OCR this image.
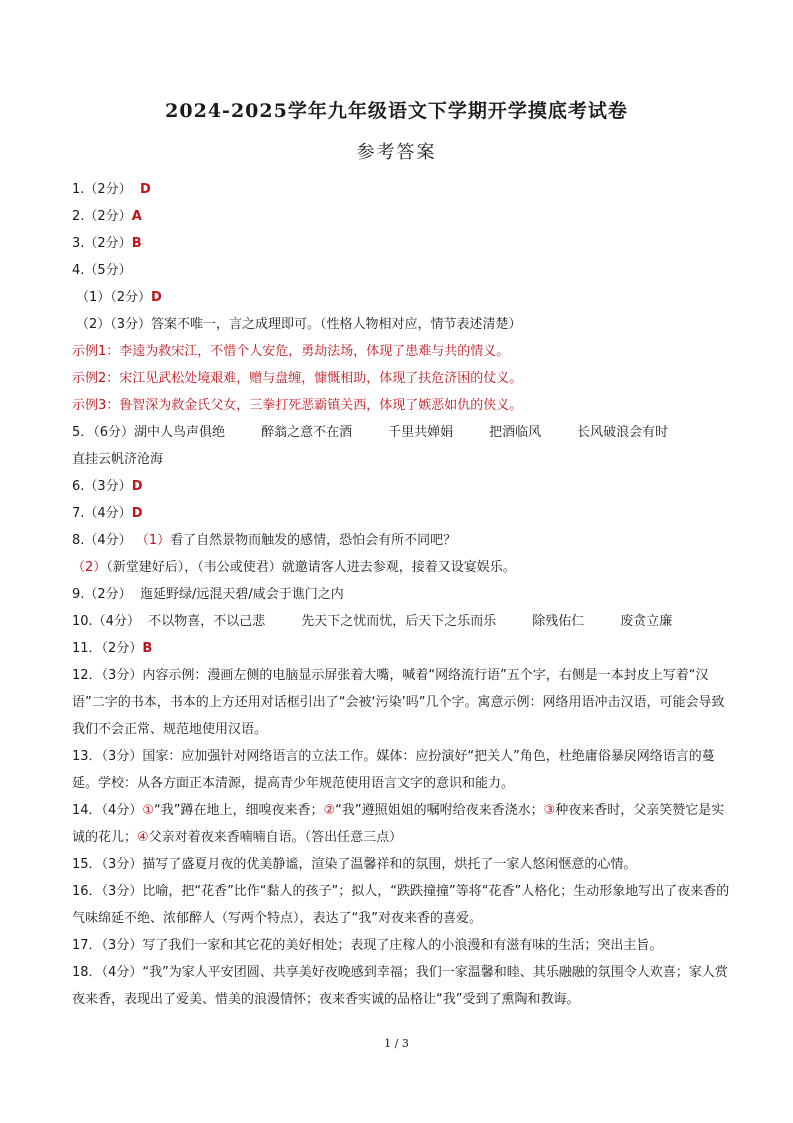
2024-2025学年九年级语文下学期开学摸底考试卷
参考答案
1.（2分） D
2.（2分）A
3.（2分）B
4.（5分）
（1）（2分）D
（2）（3分）答案不唯一，言之成理即可。（性格人物相对应，情节表述清楚）
示例1：李逵为救宋江，不惜个人安危，勇劫法场，体现了患难与共的情义。
示例2：宋江见武松处境艰难，赠与盘缠，慷慨相助，体现了扶危济困的仗义。
示例3：鲁智深为救金氏父女，三拳打死恶霸镇关西，体现了嫉恶如仇的侠义。
5．（6分）湖中人鸟声俱绝	醉翁之意不在酒	千里共婵娟	把酒临风	长风破浪会有时
直挂云帆济沧海
6.（3分）D
7.（4分）D
8.（4分） （1）看了自然景物而触发的感情，恐怕会有所不同吧？
（2）（新堂建好后），（韦公或使君）就邀请客人进去参观，接着又设宴娱乐。
9.（2分） 迤延野绿/远混天碧/咸会于谯门之内
10.（4分） 不以物喜，不以己悲	先天下之忧而忧，后天下之乐而乐	除残佑仁	废贪立廉
11．（2分）B
12．（3分）内容示例：漫画左侧的电脑显示屏张着大嘴，喊着“网络流行语”五个字，右侧是一本封皮上写着“汉语”二字的书本，书本的上方还用对话框引出了“会被‘污染’吗”几个字。寓意示例：网络用语冲击汉语，可能会导致我们不会正常、规范地使用汉语。
13．（3分）国家：应加强针对网络语言的立法工作。媒体：应扮演好“把关人”角色，杜绝庸俗暴戾网络语言的蔓延。学校：从各方面正本清源，提高青少年规范使用语言文字的意识和能力。
14．（4分）①“我”蹲在地上，细嗅夜来香；②“我”遵照姐姐的嘱咐给夜来香浇水；③种夜来香时，父亲笑赞它是实诚的花儿；④父亲对着夜来香喃喃自语。（答出任意三点）
15．（3分）描写了盛夏月夜的优美静谧，渲染了温馨祥和的氛围，烘托了一家人悠闲惬意的心情。
16．（3分）比喻，把“花香”比作“黏人的孩子”；拟人，“跌跌撞撞”等将“花香”人格化；生动形象地写出了夜来香的气味绵延不绝、浓郁醉人（写两个特点），表达了“我”对夜来香的喜爱。
17．（3分）写了我们一家和其它花的美好相处；表现了庄稼人的小浪漫和有滋有味的生活；突出主旨。
18．（4分）“我”为家人平安团圆、共享美好夜晚感到幸福；我们一家温馨和睦、其乐融融的氛围令人欢喜；家人赏夜来香，表现出了爱美、惜美的浪漫情怀；夜来香实诚的品格让“我”受到了熏陶和教诲。
1 / 3
